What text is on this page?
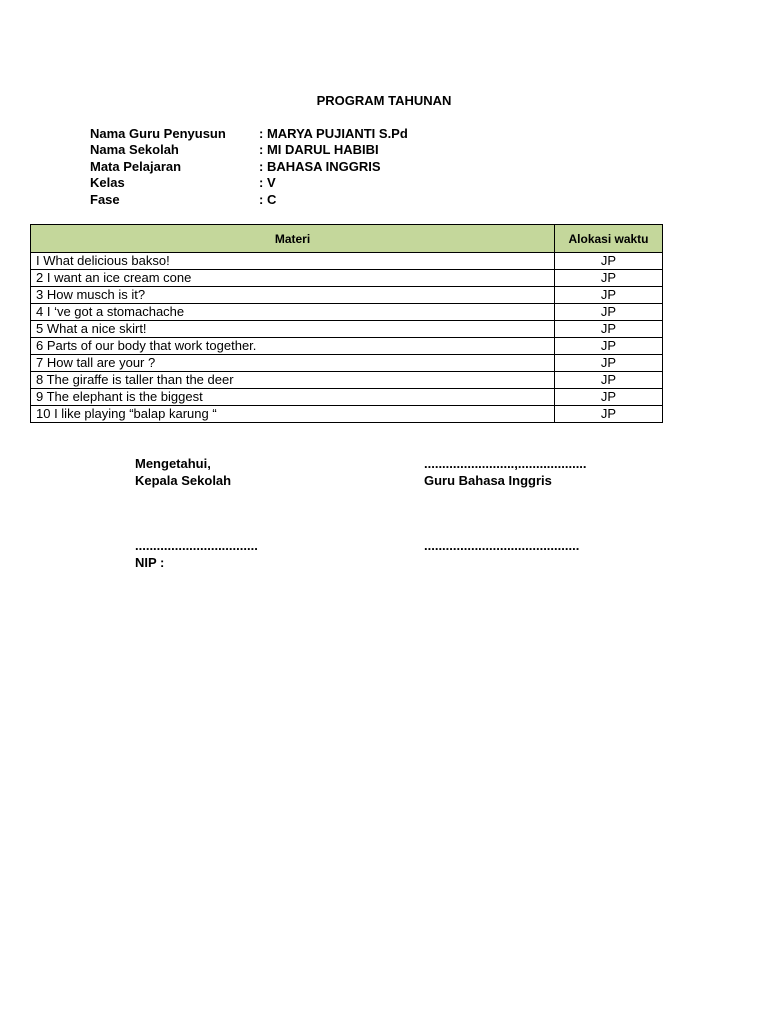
PROGRAM TAHUNAN
Nama Guru Penyusun	: MARYA PUJIANTI S.Pd
Nama Sekolah	: MI DARUL HABIBI
Mata Pelajaran	: BAHASA INGGRIS
Kelas	: V
Fase	: C
Materi	Alokasi waktu
I What delicious bakso!	JP
2 I want an ice cream cone	JP
3 How musch is it?	JP
4 I ‘ve got a stomachache	JP
5 What a nice skirt!	JP
6 Parts of our body that work together.	JP
7 How tall are your ?	JP
8 The giraffe is taller than the deer	JP
9 The elephant is the biggest	JP
10 I like playing “balap karung “	JP
Mengetahui,
Kepala Sekolah
.........................,...................
Guru Bahasa Inggris
..................................
NIP :
...........................................
